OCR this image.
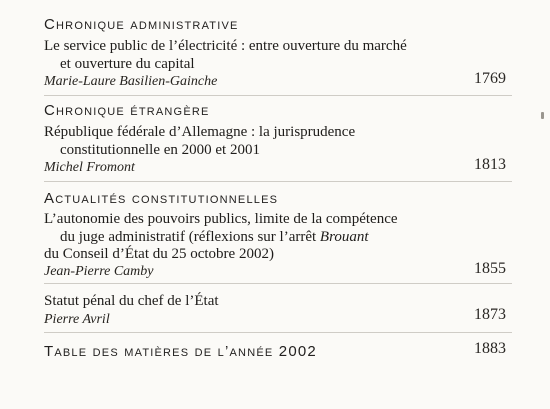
Chronique administrative
Le service public de l’électricité : entre ouverture du marché
et ouverture du capital
Marie-Laure Basilien-Gainche	1769
Chronique étrangère
République fédérale d’Allemagne : la jurisprudence
constitutionnelle en 2000 et 2001
Michel Fromont	1813
Actualités constitutionnelles
L’autonomie des pouvoirs publics, limite de la compétence
du juge administratif (réflexions sur l’arrêt Brouant
du Conseil d’État du 25 octobre 2002)
Jean-Pierre Camby	1855
Statut pénal du chef de l’État
Pierre Avril	1873
Table des matières de l’année 2002	1883
